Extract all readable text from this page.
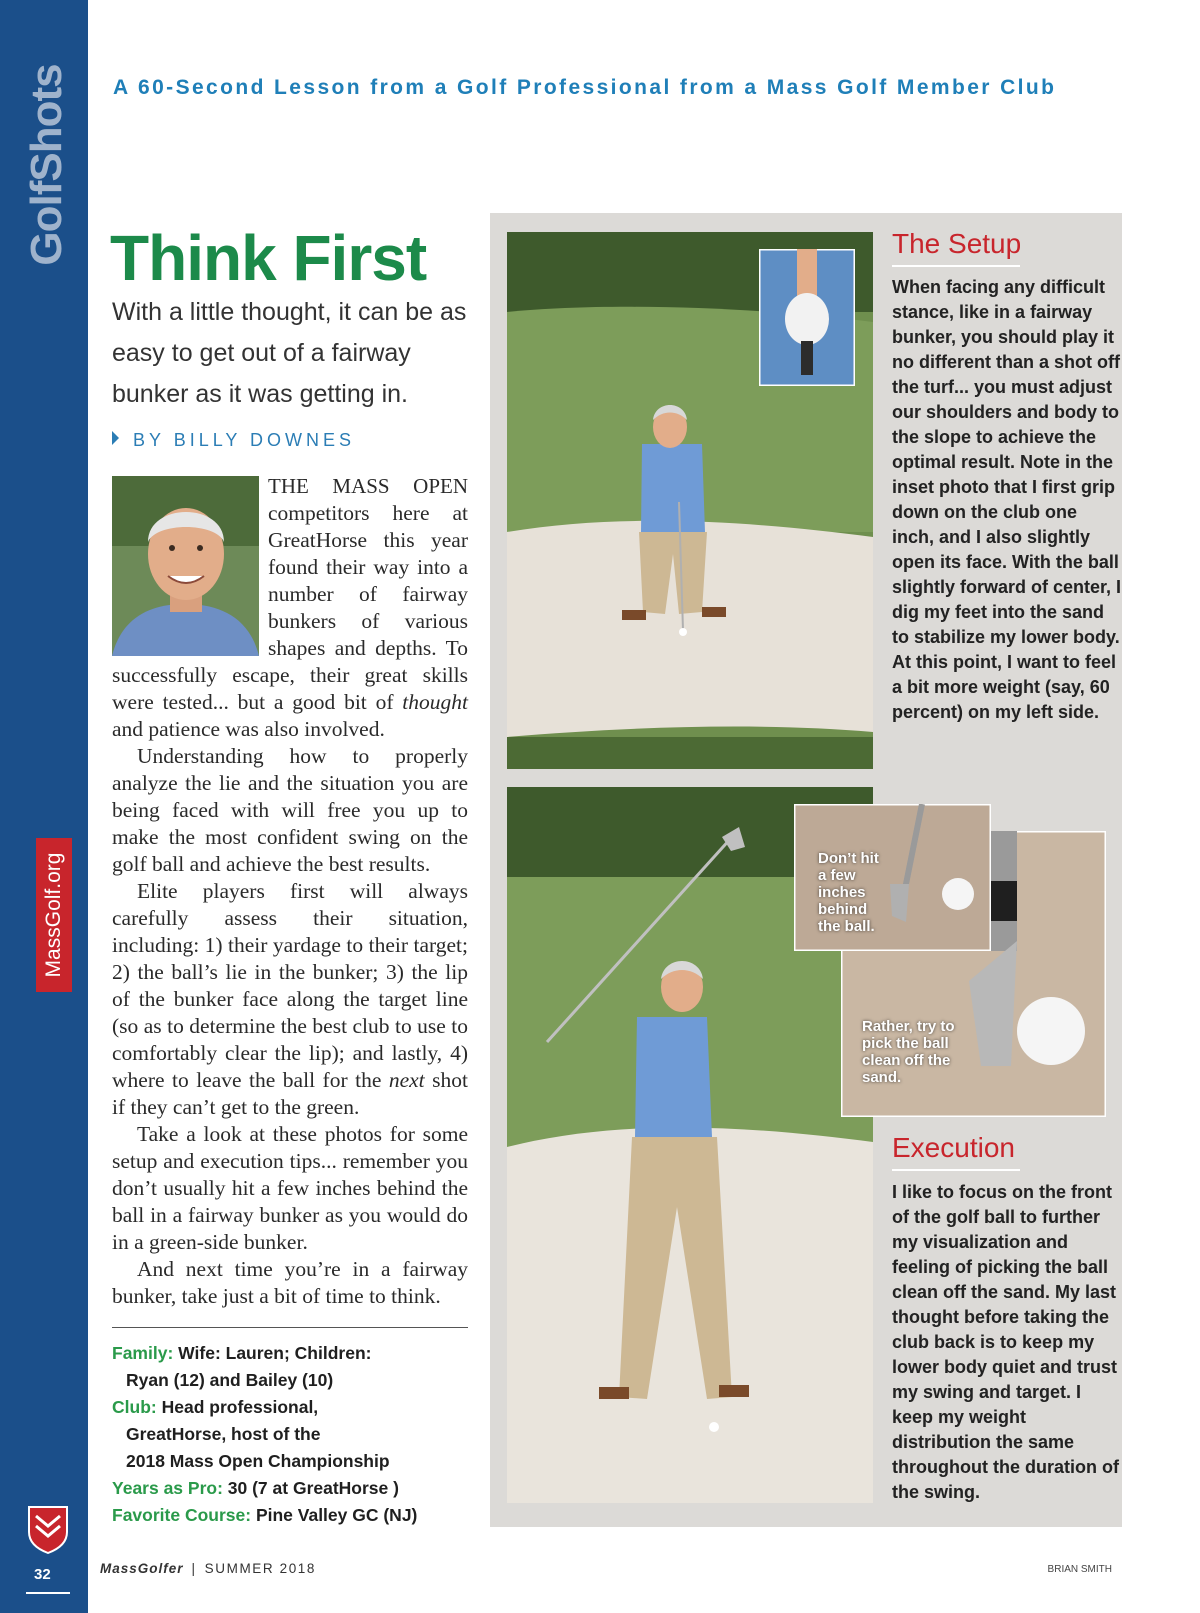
GolfShots
MassGolf.org
32
A 60-Second Lesson from a Golf Professional from a Mass Golf Member Club
Think First
With a little thought, it can be as easy to get out of a fairway bunker as it was getting in.
BY BILLY DOWNES

THE MASS OPEN competitors here at GreatHorse this year found their way into a number of fairway bunkers of various shapes and depths. To successfully escape, their great skills were tested... but a good bit of thought and patience was also involved.

Understanding how to properly analyze the lie and the situation you are being faced with will free you up to make the most confident swing on the golf ball and achieve the best results.

Elite players first will always carefully assess their situation, including: 1) their yardage to their target; 2) the ball’s lie in the bunker; 3) the lip of the bunker face along the target line (so as to determine the best club to use to comfortably clear the lip); and lastly, 4) where to leave the ball for the next shot if they can’t get to the green.

Take a look at these photos for some setup and execution tips... remember you don’t usually hit a few inches behind the ball in a fairway bunker as you would do in a green-side bunker.

And next time you’re in a fairway bunker, take just a bit of time to think.

Family: Wife: Lauren; Children:
Ryan (12) and Bailey (10)
Club: Head professional,
GreatHorse, host of the
2018 Mass Open Championship
Years as Pro: 30 (7 at GreatHorse )
Favorite Course: Pine Valley GC (NJ)
Don’t hit a few inches behind the ball.
Rather, try to pick the ball clean off the sand.
The Setup
When facing any difficult stance, like in a fairway bunker, you should play it no different than a shot off the turf... you must adjust our shoulders and body to the slope to achieve the optimal result. Note in the inset photo that I first grip down on the club one inch, and I also slightly open its face. With the ball slightly forward of center, I dig my feet into the sand to stabilize my lower body. At this point, I want to feel a bit more weight (say, 60 percent) on my left side.
Execution
I like to focus on the front of the golf ball to further my visualization and feeling of picking the ball clean off the sand. My last thought before taking the club back is to keep my lower body quiet and trust my swing and target. I keep my weight distribution the same throughout the duration of the swing.
MassGolfer | SUMMER 2018	BRIAN SMITH
